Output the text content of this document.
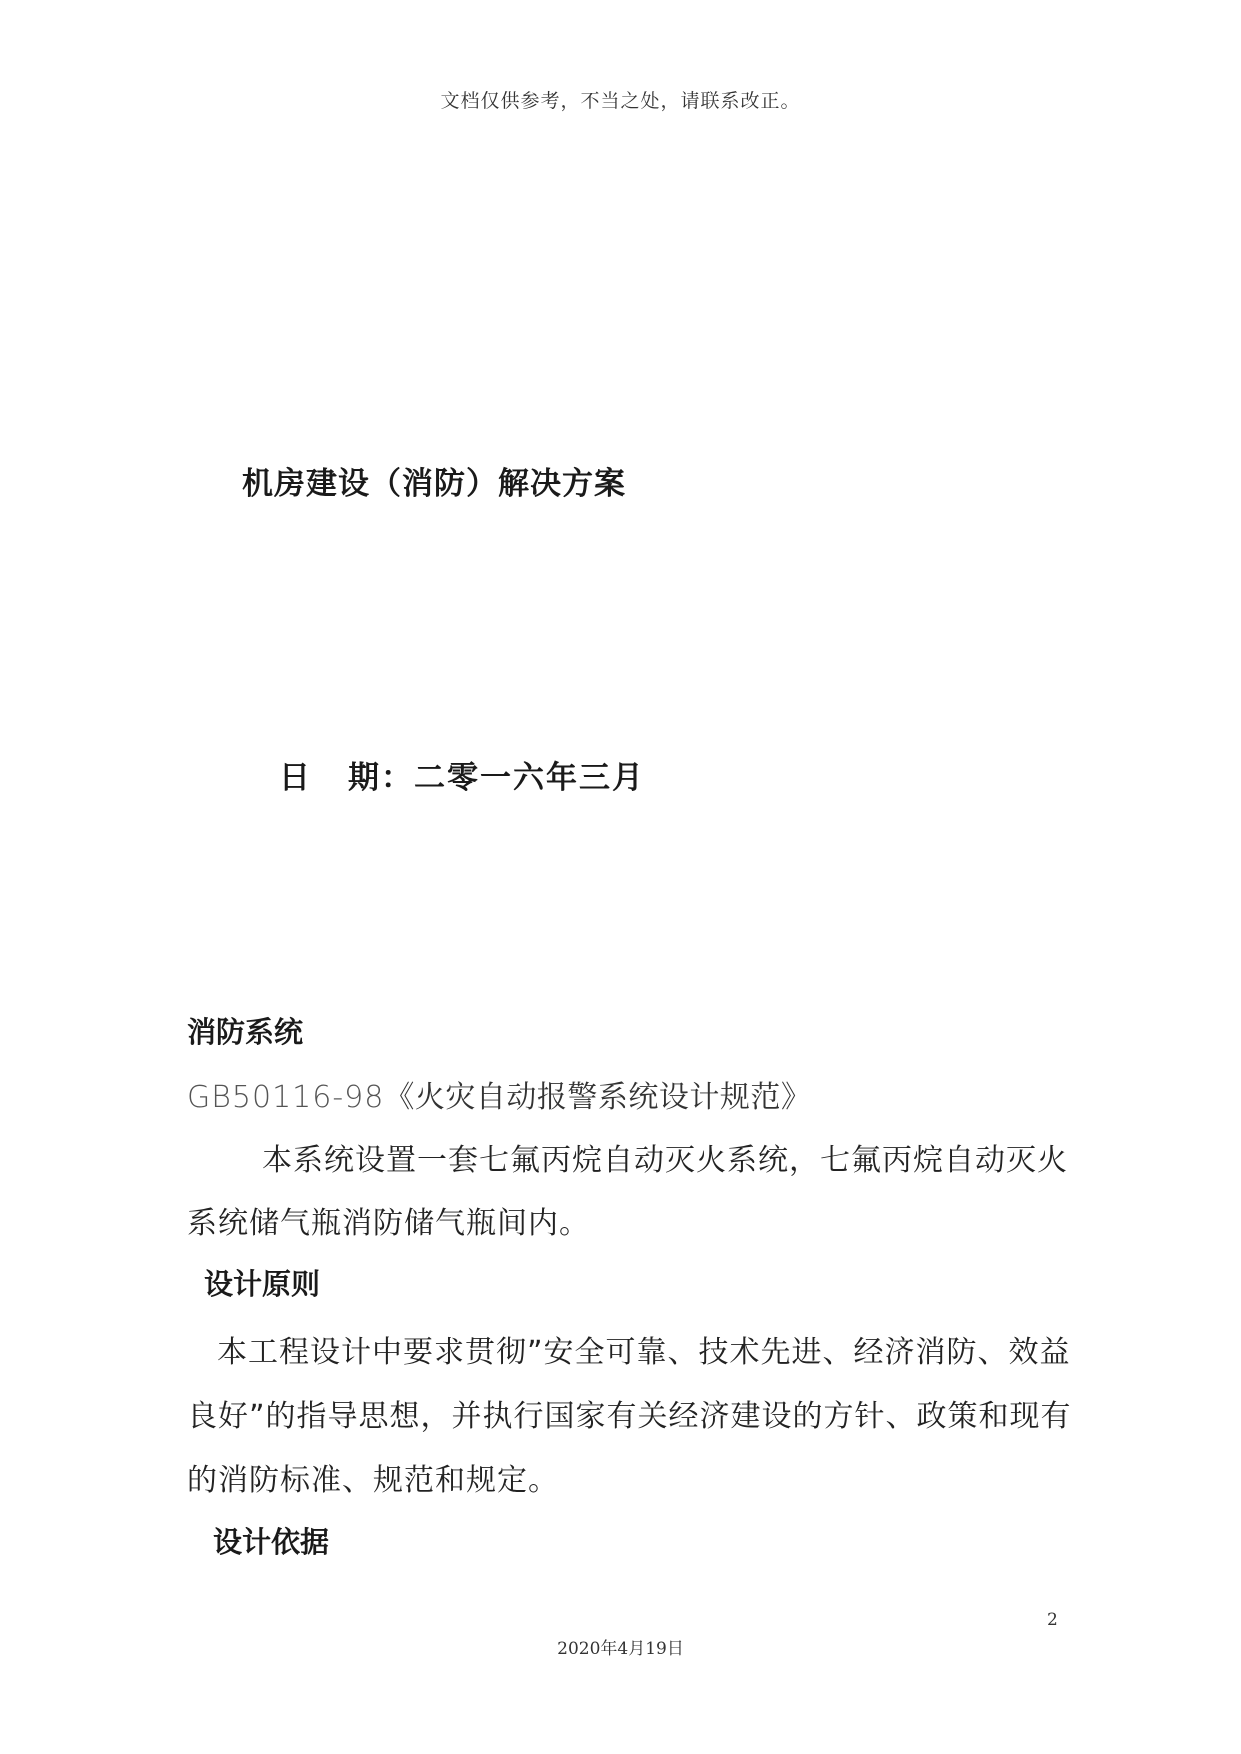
文档仅供参考，不当之处，请联系改正。
机房建设（消防）解决方案
日 期：二零一六年三月
消防系统
GB50116-98《火灾自动报警系统设计规范》
本系统设置一套七氟丙烷自动灭火系统，七氟丙烷自动灭火
系统储气瓶消防储气瓶间内。
设计原则
本工程设计中要求贯彻”安全可靠、技术先进、经济消防、效益
良好”的指导思想，并执行国家有关经济建设的方针、政策和现有
的消防标准、规范和规定。
设计依据
2
2020年4月19日
